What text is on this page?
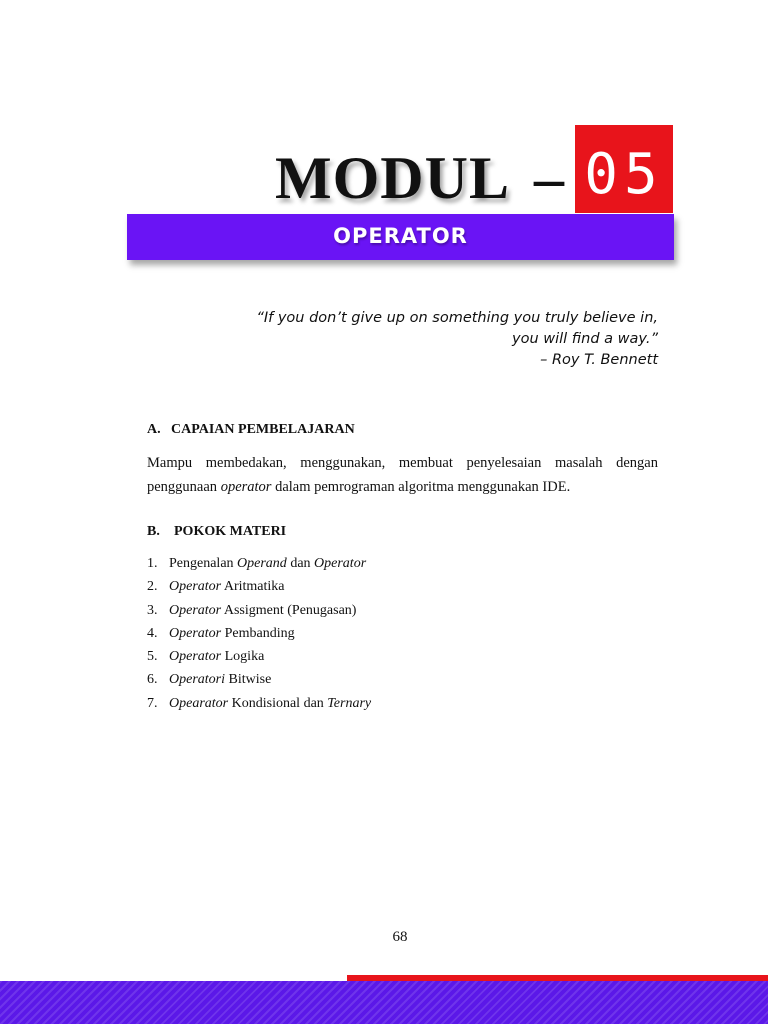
MODUL – 05
OPERATOR
“If you don’t give up on something you truly believe in,
you will find a way.”
– Roy T. Bennett
A. CAPAIAN PEMBELAJARAN
Mampu membedakan, menggunakan, membuat penyelesaian masalah dengan
penggunaan operator dalam pemrograman algoritma menggunakan IDE.
B. POKOK MATERI
1. Pengenalan Operand dan Operator
2. Operator Aritmatika
3. Operator Assigment (Penugasan)
4. Operator Pembanding
5. Operator Logika
6. Operatori Bitwise
7. Opearator Kondisional dan Ternary
68
